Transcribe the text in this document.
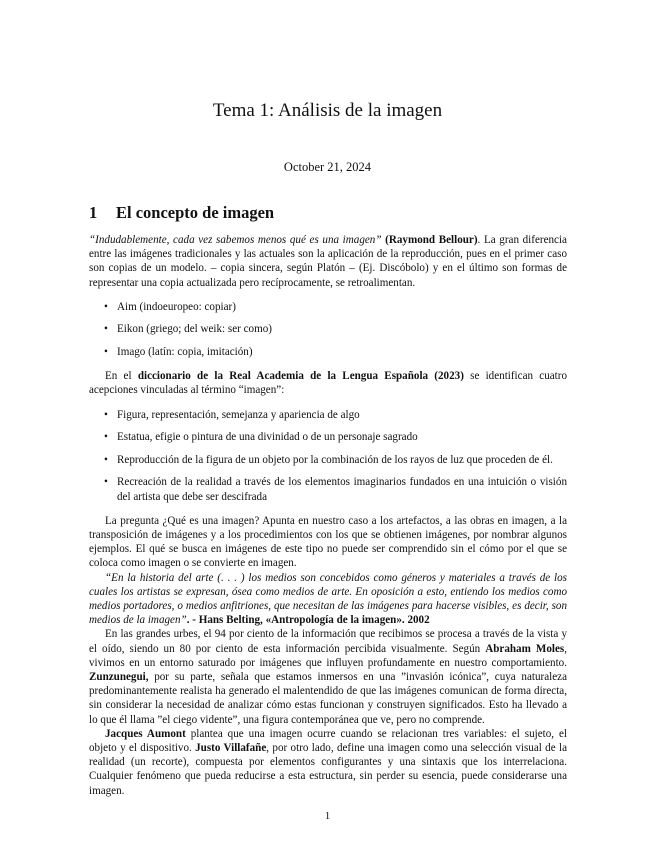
Tema 1: Análisis de la imagen
October 21, 2024
1 El concepto de imagen

“Indudablemente, cada vez sabemos menos qué es una imagen” (Raymond Bellour). La gran diferencia entre las imágenes tradicionales y las actuales son la aplicación de la reproducción, pues en el primer caso son copias de un modelo. – copia sincera, según Platón – (Ej. Discóbolo) y en el último son formas de representar una copia actualizada pero recíprocamente, se retroalimentan.

• Aim (indoeuropeo: copiar)
• Eikon (griego; del weik: ser como)
• Imago (latín: copia, imitación)

En el diccionario de la Real Academia de la Lengua Española (2023) se identifican cuatro acepciones vinculadas al término “imagen”:

• Figura, representación, semejanza y apariencia de algo
• Estatua, efigie o pintura de una divinidad o de un personaje sagrado
• Reproducción de la figura de un objeto por la combinación de los rayos de luz que proceden de él.
• Recreación de la realidad a través de los elementos imaginarios fundados en una intuición o visión del artista que debe ser descifrada

La pregunta ¿Qué es una imagen? Apunta en nuestro caso a los artefactos, a las obras en imagen, a la transposición de imágenes y a los procedimientos con los que se obtienen imágenes, por nombrar algunos ejemplos. El qué se busca en imágenes de este tipo no puede ser comprendido sin el cómo por el que se coloca como imagen o se convierte en imagen.

“En la historia del arte (. . . ) los medios son concebidos como géneros y materiales a través de los cuales los artistas se expresan, ósea como medios de arte. En oposición a esto, entiendo los medios como medios portadores, o medios anfitriones, que necesitan de las imágenes para hacerse visibles, es decir, son medios de la imagen”. - Hans Belting, «Antropología de la imagen». 2002

En las grandes urbes, el 94 por ciento de la información que recibimos se procesa a través de la vista y el oído, siendo un 80 por ciento de esta información percibida visualmente. Según Abraham Moles, vivimos en un entorno saturado por imágenes que influyen profundamente en nuestro comportamiento. Zunzunegui, por su parte, señala que estamos inmersos en una ”invasión icónica”, cuya naturaleza predominantemente realista ha generado el malentendido de que las imágenes comunican de forma directa, sin considerar la necesidad de analizar cómo estas funcionan y construyen significados. Esto ha llevado a lo que él llama ”el ciego vidente”, una figura contemporánea que ve, pero no comprende.

Jacques Aumont plantea que una imagen ocurre cuando se relacionan tres variables: el sujeto, el objeto y el dispositivo. Justo Villafañe, por otro lado, define una imagen como una selección visual de la realidad (un recorte), compuesta por elementos configurantes y una sintaxis que los interrelaciona. Cualquier fenómeno que pueda reducirse a esta estructura, sin perder su esencia, puede considerarse una imagen.

1
